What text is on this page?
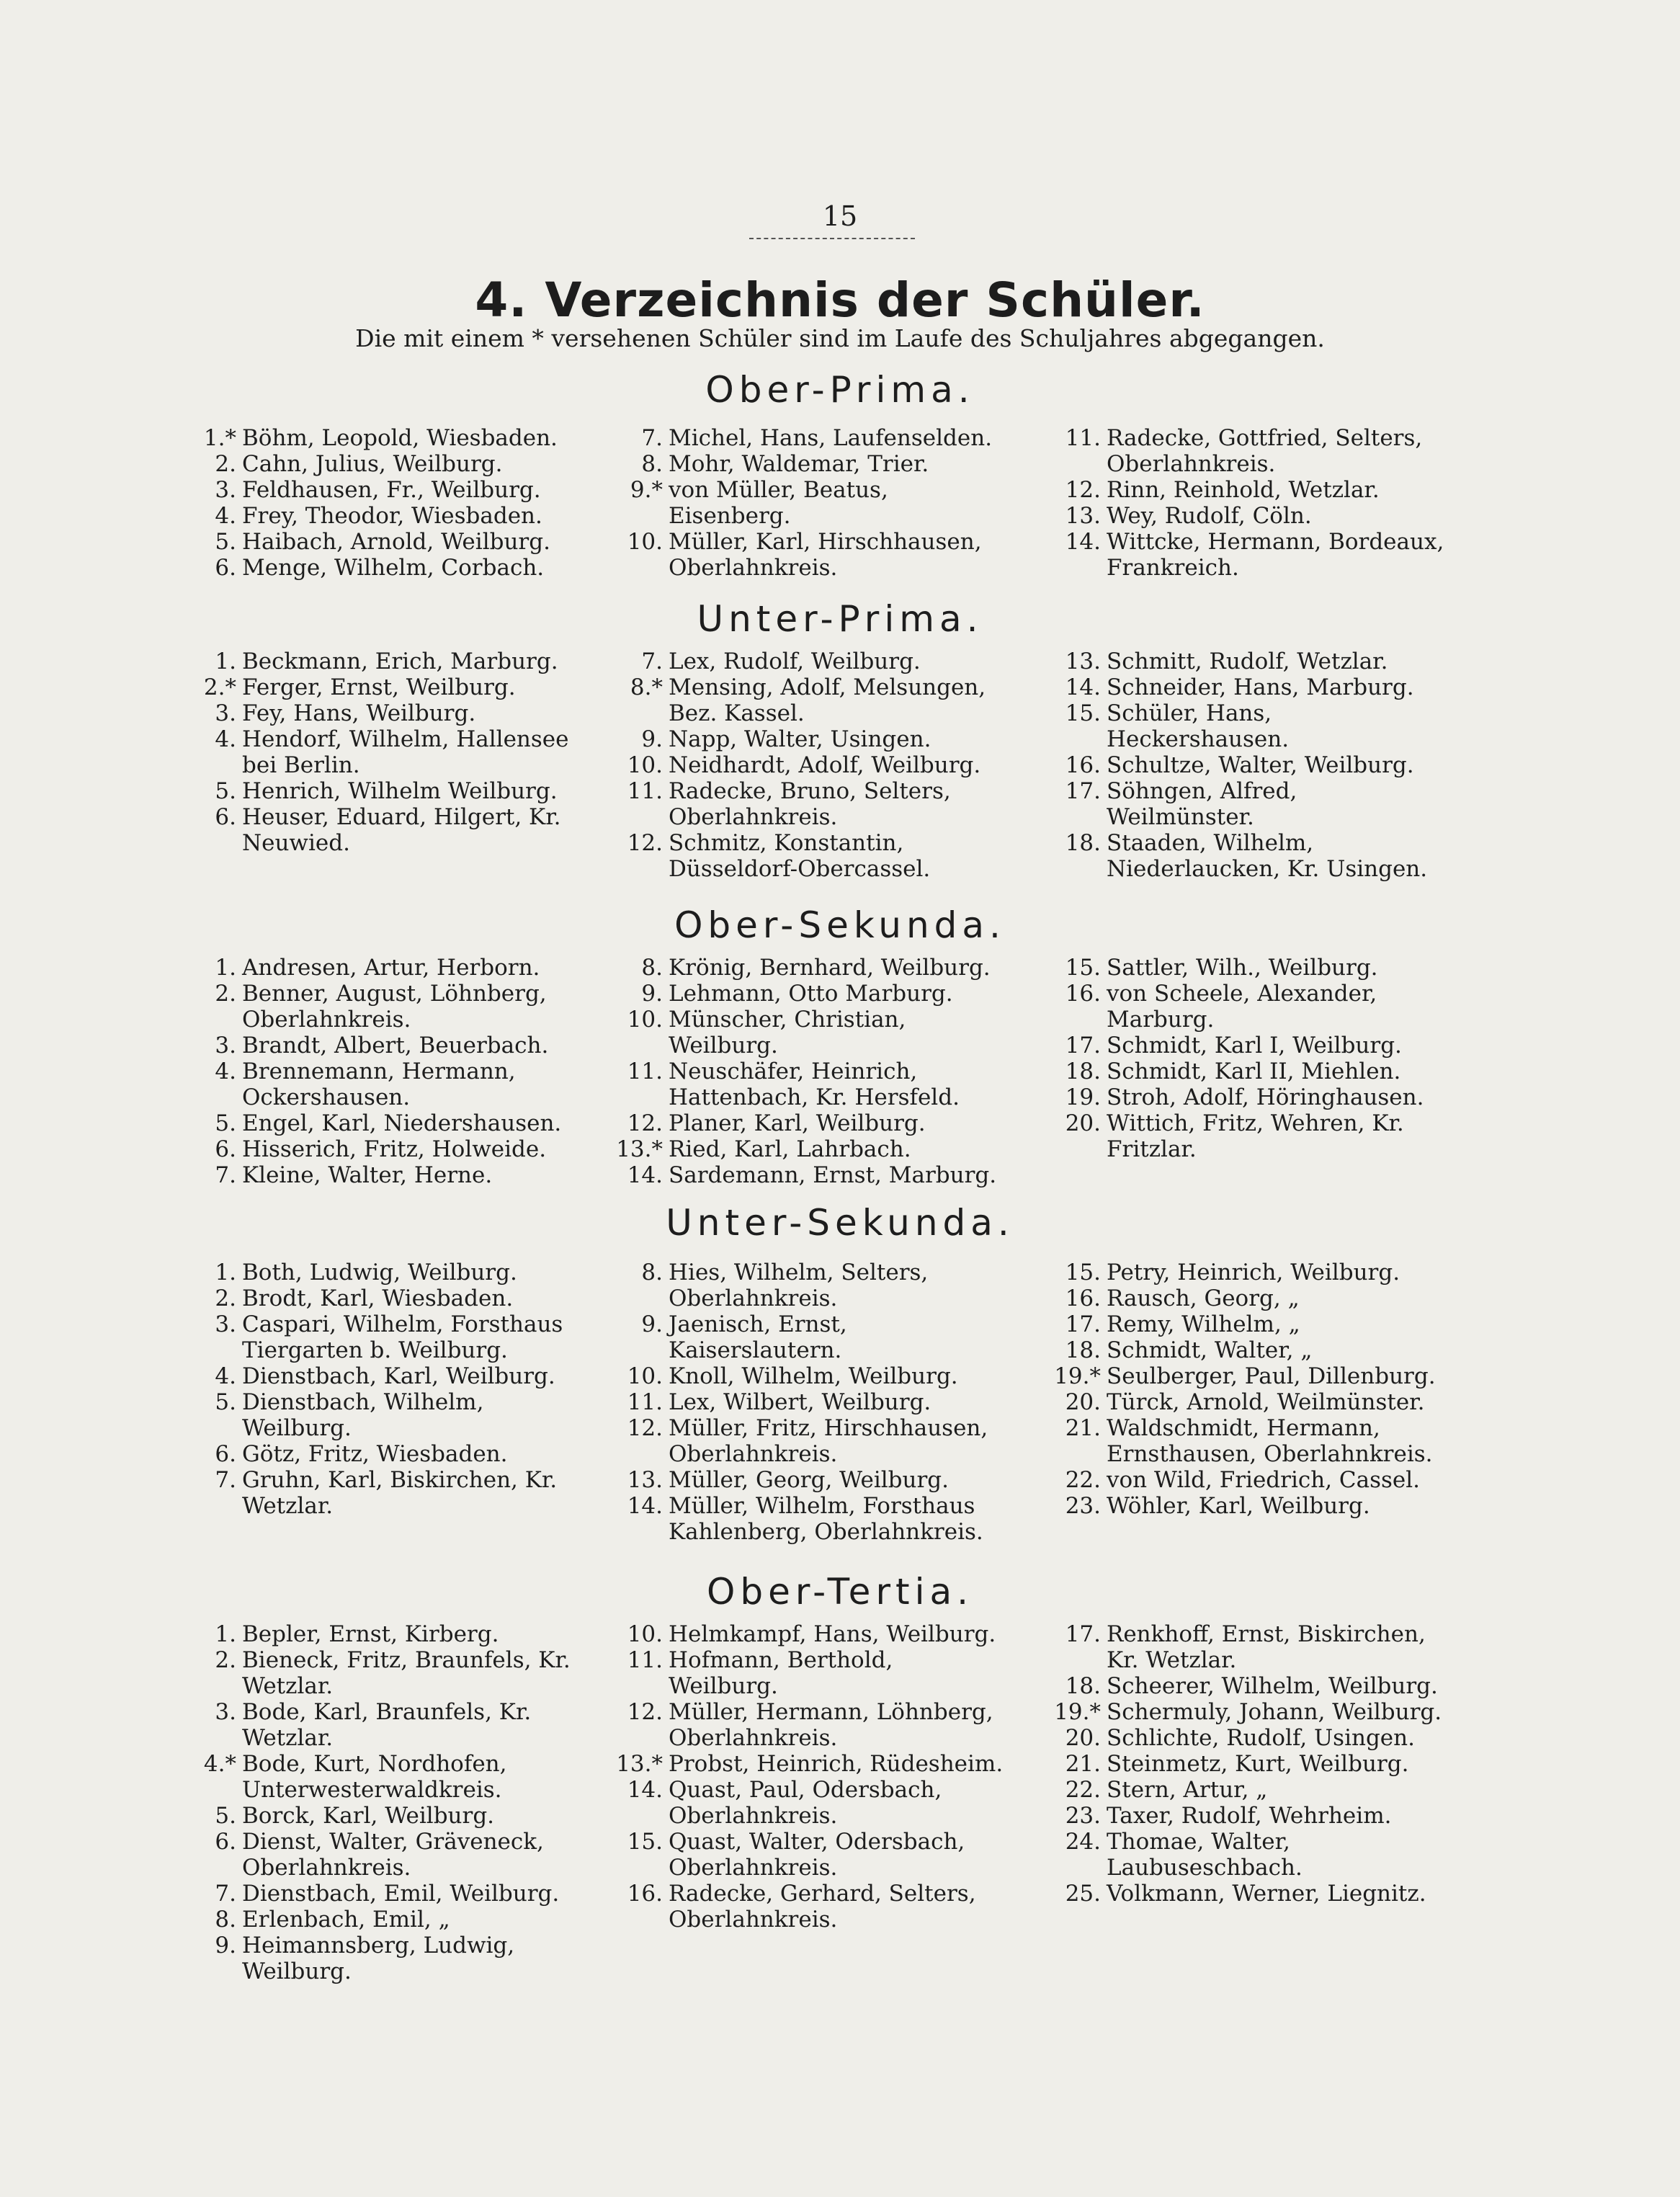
15
4. Verzeichnis der Schüler.
Die mit einem * versehenen Schüler sind im Laufe des Schuljahres abgegangen.
Ober-Prima.
1.* Böhm, Leopold, Wiesbaden.
2. Cahn, Julius, Weilburg.
3. Feldhausen, Fr., Weilburg.
4. Frey, Theodor, Wiesbaden.
5. Haibach, Arnold, Weilburg.
6. Menge, Wilhelm, Corbach.
7. Michel, Hans, Laufenselden.
8. Mohr, Waldemar, Trier.
9.* von Müller, Beatus, Eisenberg.
10. Müller, Karl, Hirschhausen, Oberlahnkreis.
11. Radecke, Gottfried, Selters, Oberlahnkreis.
12. Rinn, Reinhold, Wetzlar.
13. Wey, Rudolf, Cöln.
14. Wittcke, Hermann, Bordeaux, Frankreich.
Unter-Prima.
1. Beckmann, Erich, Marburg.
2.* Ferger, Ernst, Weilburg.
3. Fey, Hans, Weilburg.
4. Hendorf, Wilhelm, Hallensee bei Berlin.
5. Henrich, Wilhelm Weilburg.
6. Heuser, Eduard, Hilgert, Kr. Neuwied.
7. Lex, Rudolf, Weilburg.
8.* Mensing, Adolf, Melsungen, Bez. Kassel.
9. Napp, Walter, Usingen.
10. Neidhardt, Adolf, Weilburg.
11. Radecke, Bruno, Selters, Oberlahnkreis.
12. Schmitz, Konstantin, Düsseldorf-Obercassel.
13. Schmitt, Rudolf, Wetzlar.
14. Schneider, Hans, Marburg.
15. Schüler, Hans, Heckershausen.
16. Schultze, Walter, Weilburg.
17. Söhngen, Alfred, Weilmünster.
18. Staaden, Wilhelm, Niederlaucken, Kr. Usingen.
Ober-Sekunda.
1. Andresen, Artur, Herborn.
2. Benner, August, Löhnberg, Oberlahnkreis.
3. Brandt, Albert, Beuerbach.
4. Brennemann, Hermann, Ockershausen.
5. Engel, Karl, Niedershausen.
6. Hisserich, Fritz, Holweide.
7. Kleine, Walter, Herne.
8. Krönig, Bernhard, Weilburg.
9. Lehmann, Otto Marburg.
10. Münscher, Christian, Weilburg.
11. Neuschäfer, Heinrich, Hattenbach, Kr. Hersfeld.
12. Planer, Karl, Weilburg.
13.* Ried, Karl, Lahrbach.
14. Sardemann, Ernst, Marburg.
15. Sattler, Wilh., Weilburg.
16. von Scheele, Alexander, Marburg.
17. Schmidt, Karl I, Weilburg.
18. Schmidt, Karl II, Miehlen.
19. Stroh, Adolf, Höringhausen.
20. Wittich, Fritz, Wehren, Kr. Fritzlar.
Unter-Sekunda.
1. Both, Ludwig, Weilburg.
2. Brodt, Karl, Wiesbaden.
3. Caspari, Wilhelm, Forsthaus Tiergarten b. Weilburg.
4. Dienstbach, Karl, Weilburg.
5. Dienstbach, Wilhelm, Weilburg.
6. Götz, Fritz, Wiesbaden.
7. Gruhn, Karl, Biskirchen, Kr. Wetzlar.
8. Hies, Wilhelm, Selters, Oberlahnkreis.
9. Jaenisch, Ernst, Kaiserslautern.
10. Knoll, Wilhelm, Weilburg.
11. Lex, Wilbert, Weilburg.
12. Müller, Fritz, Hirschhausen, Oberlahnkreis.
13. Müller, Georg, Weilburg.
14. Müller, Wilhelm, Forsthaus Kahlenberg, Oberlahnkreis.
15. Petry, Heinrich, Weilburg.
16. Rausch, Georg, „
17. Remy, Wilhelm, „
18. Schmidt, Walter, „
19.* Seulberger, Paul, Dillenburg.
20. Türck, Arnold, Weilmünster.
21. Waldschmidt, Hermann, Ernsthausen, Oberlahnkreis.
22. von Wild, Friedrich, Cassel.
23. Wöhler, Karl, Weilburg.
Ober-Tertia.
1. Bepler, Ernst, Kirberg.
2. Bieneck, Fritz, Braunfels, Kr. Wetzlar.
3. Bode, Karl, Braunfels, Kr. Wetzlar.
4.* Bode, Kurt, Nordhofen, Unterwesterwaldkreis.
5. Borck, Karl, Weilburg.
6. Dienst, Walter, Gräveneck, Oberlahnkreis.
7. Dienstbach, Emil, Weilburg.
8. Erlenbach, Emil, „
9. Heimannsberg, Ludwig, Weilburg.
10. Helmkampf, Hans, Weilburg.
11. Hofmann, Berthold, Weilburg.
12. Müller, Hermann, Löhnberg, Oberlahnkreis.
13.* Probst, Heinrich, Rüdesheim.
14. Quast, Paul, Odersbach, Oberlahnkreis.
15. Quast, Walter, Odersbach, Oberlahnkreis.
16. Radecke, Gerhard, Selters, Oberlahnkreis.
17. Renkhoff, Ernst, Biskirchen, Kr. Wetzlar.
18. Scheerer, Wilhelm, Weilburg.
19.* Schermuly, Johann, Weilburg.
20. Schlichte, Rudolf, Usingen.
21. Steinmetz, Kurt, Weilburg.
22. Stern, Artur, „
23. Taxer, Rudolf, Wehrheim.
24. Thomae, Walter, Laubuseschbach.
25. Volkmann, Werner, Liegnitz.
